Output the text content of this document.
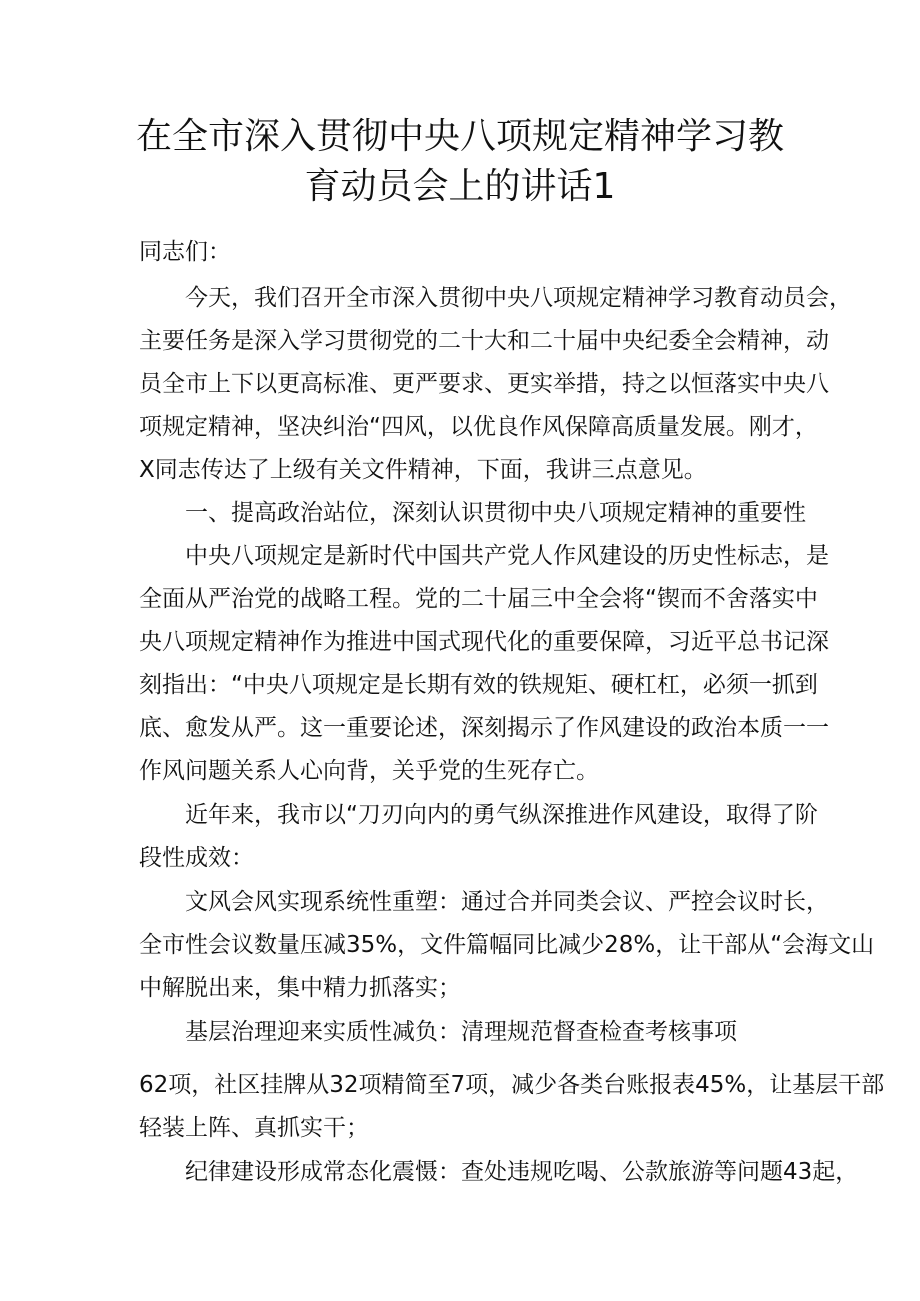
在全市深入贯彻中央八项规定精神学习教
育动员会上的讲话1
同志们：
今天，我们召开全市深入贯彻中央八项规定精神学习教育动员会，
主要任务是深入学习贯彻党的二十大和二十届中央纪委全会精神，动
员全市上下以更高标准、更严要求、更实举措，持之以恒落实中央八
项规定精神，坚决纠治“四风，以优良作风保障高质量发展。刚才，
X同志传达了上级有关文件精神，下面，我讲三点意见。
一、提高政治站位，深刻认识贯彻中央八项规定精神的重要性
中央八项规定是新时代中国共产党人作风建设的历史性标志，是
全面从严治党的战略工程。党的二十届三中全会将“锲而不舍落实中
央八项规定精神作为推进中国式现代化的重要保障，习近平总书记深
刻指出：“中央八项规定是长期有效的铁规矩、硬杠杠，必须一抓到
底、愈发从严。这一重要论述，深刻揭示了作风建设的政治本质一一
作风问题关系人心向背，关乎党的生死存亡。
近年来，我市以“刀刃向内的勇气纵深推进作风建设，取得了阶
段性成效：
文风会风实现系统性重塑：通过合并同类会议、严控会议时长，
全市性会议数量压减35%，文件篇幅同比减少28%，让干部从“会海文山
中解脱出来，集中精力抓落实；
基层治理迎来实质性减负：清理规范督查检查考核事项
62项，社区挂牌从32项精简至7项，减少各类台账报表45%，让基层干部
轻装上阵、真抓实干；
纪律建设形成常态化震慑：查处违规吃喝、公款旅游等问题43起，
